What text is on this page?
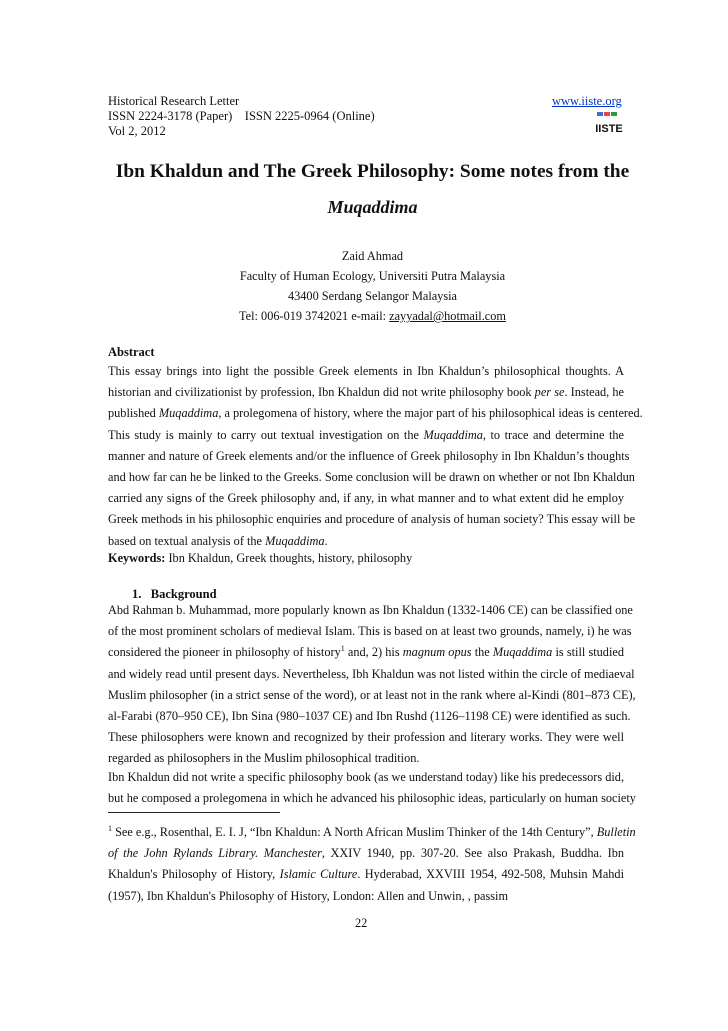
Historical Research Letter
ISSN 2224-3178 (Paper)    ISSN 2225-0964 (Online)
Vol 2, 2012
www.iiste.org
IISTE
Ibn Khaldun and The Greek Philosophy: Some notes from the
Muqaddima
Zaid Ahmad
Faculty of Human Ecology, Universiti Putra Malaysia
43400 Serdang Selangor Malaysia
Tel: 006-019 3742021 e-mail: zayyadal@hotmail.com
Abstract
This essay brings into light the possible Greek elements in Ibn Khaldun’s philosophical thoughts. A
historian and civilizationist by profession, Ibn Khaldun did not write philosophy book per se. Instead, he
published Muqaddima, a prolegomena of history, where the major part of his philosophical ideas is centered.
This study is mainly to carry out textual investigation on the Muqaddima, to trace and determine the
manner and nature of Greek elements and/or the influence of Greek philosophy in Ibn Khaldun’s thoughts
and how far can he be linked to the Greeks. Some conclusion will be drawn on whether or not Ibn Khaldun
carried any signs of the Greek philosophy and, if any, in what manner and to what extent did he employ
Greek methods in his philosophic enquiries and procedure of analysis of human society? This essay will be
based on textual analysis of the Muqaddima.
Keywords: Ibn Khaldun, Greek thoughts, history, philosophy
1. Background
Abd Rahman b. Muhammad, more popularly known as Ibn Khaldun (1332-1406 CE) can be classified one
of the most prominent scholars of medieval Islam. This is based on at least two grounds, namely, i) he was
considered the pioneer in philosophy of history$^1$ and, 2) his magnum opus the Muqaddima is still studied
and widely read until present days. Nevertheless, Ibh Khaldun was not listed within the circle of mediaeval
Muslim philosopher (in a strict sense of the word), or at least not in the rank where al-Kindi (801–873 CE),
al-Farabi (870–950 CE), Ibn Sina (980–1037 CE) and Ibn Rushd (1126–1198 CE) were identified as such.
These philosophers were known and recognized by their profession and literary works. They were well
regarded as philosophers in the Muslim philosophical tradition.
Ibn Khaldun did not write a specific philosophy book (as we understand today) like his predecessors did,
but he composed a prolegomena in which he advanced his philosophic ideas, particularly on human society
$^1$ See e.g., Rosenthal, E. I. J, “Ibn Khaldun: A North African Muslim Thinker of the 14th Century”, Bulletin
of the John Rylands Library. Manchester, XXIV 1940, pp. 307-20. See also Prakash, Buddha. Ibn
Khaldun's Philosophy of History, Islamic Culture. Hyderabad, XXVIII 1954, 492-508, Muhsin Mahdi
(1957), Ibn Khaldun's Philosophy of History, London: Allen and Unwin, , passim
22
